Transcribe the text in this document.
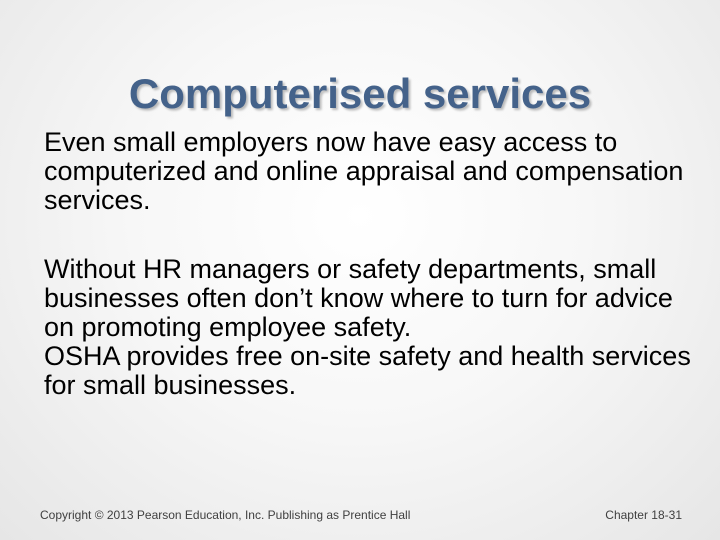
Computerised services

Even small employers now have easy access to computerized and online appraisal and compensation services.

Without HR managers or safety departments, small businesses often don’t know where to turn for advice on promoting employee safety.

OSHA provides free on-site safety and health services for small businesses.

Copyright © 2013 Pearson Education, Inc. Publishing as Prentice Hall	Chapter 18-31
